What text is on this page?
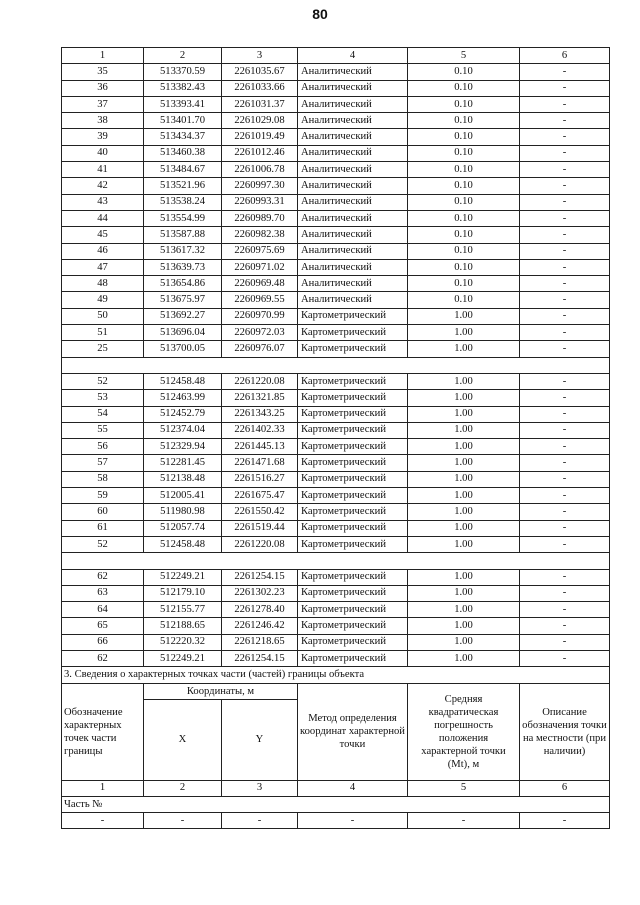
80
1	2	3	4	5	6
35	513370.59	2261035.67	Аналитический	0.10	-
36	513382.43	2261033.66	Аналитический	0.10	-
37	513393.41	2261031.37	Аналитический	0.10	-
38	513401.70	2261029.08	Аналитический	0.10	-
39	513434.37	2261019.49	Аналитический	0.10	-
40	513460.38	2261012.46	Аналитический	0.10	-
41	513484.67	2261006.78	Аналитический	0.10	-
42	513521.96	2260997.30	Аналитический	0.10	-
43	513538.24	2260993.31	Аналитический	0.10	-
44	513554.99	2260989.70	Аналитический	0.10	-
45	513587.88	2260982.38	Аналитический	0.10	-
46	513617.32	2260975.69	Аналитический	0.10	-
47	513639.73	2260971.02	Аналитический	0.10	-
48	513654.86	2260969.48	Аналитический	0.10	-
49	513675.97	2260969.55	Аналитический	0.10	-
50	513692.27	2260970.99	Картометрический	1.00	-
51	513696.04	2260972.03	Картометрический	1.00	-
25	513700.05	2260976.07	Картометрический	1.00	-

52	512458.48	2261220.08	Картометрический	1.00	-
53	512463.99	2261321.85	Картометрический	1.00	-
54	512452.79	2261343.25	Картометрический	1.00	-
55	512374.04	2261402.33	Картометрический	1.00	-
56	512329.94	2261445.13	Картометрический	1.00	-
57	512281.45	2261471.68	Картометрический	1.00	-
58	512138.48	2261516.27	Картометрический	1.00	-
59	512005.41	2261675.47	Картометрический	1.00	-
60	511980.98	2261550.42	Картометрический	1.00	-
61	512057.74	2261519.44	Картометрический	1.00	-
52	512458.48	2261220.08	Картометрический	1.00	-

62	512249.21	2261254.15	Картометрический	1.00	-
63	512179.10	2261302.23	Картометрический	1.00	-
64	512155.77	2261278.40	Картометрический	1.00	-
65	512188.65	2261246.42	Картометрический	1.00	-
66	512220.32	2261218.65	Картометрический	1.00	-
62	512249.21	2261254.15	Картометрический	1.00	-
3. Сведения о характерных точках части (частей) границы объекта					
Обозначение характерных точек части границы	Координаты, м		Метод определения координат характерной точки	Средняя квадратическая погрешность положения характерной точки (Mt), м	Описание обозначения точки на местности (при наличии)
	X	Y			
1	2	3	4	5	6
Часть №					
-	-	-	-	-	-
